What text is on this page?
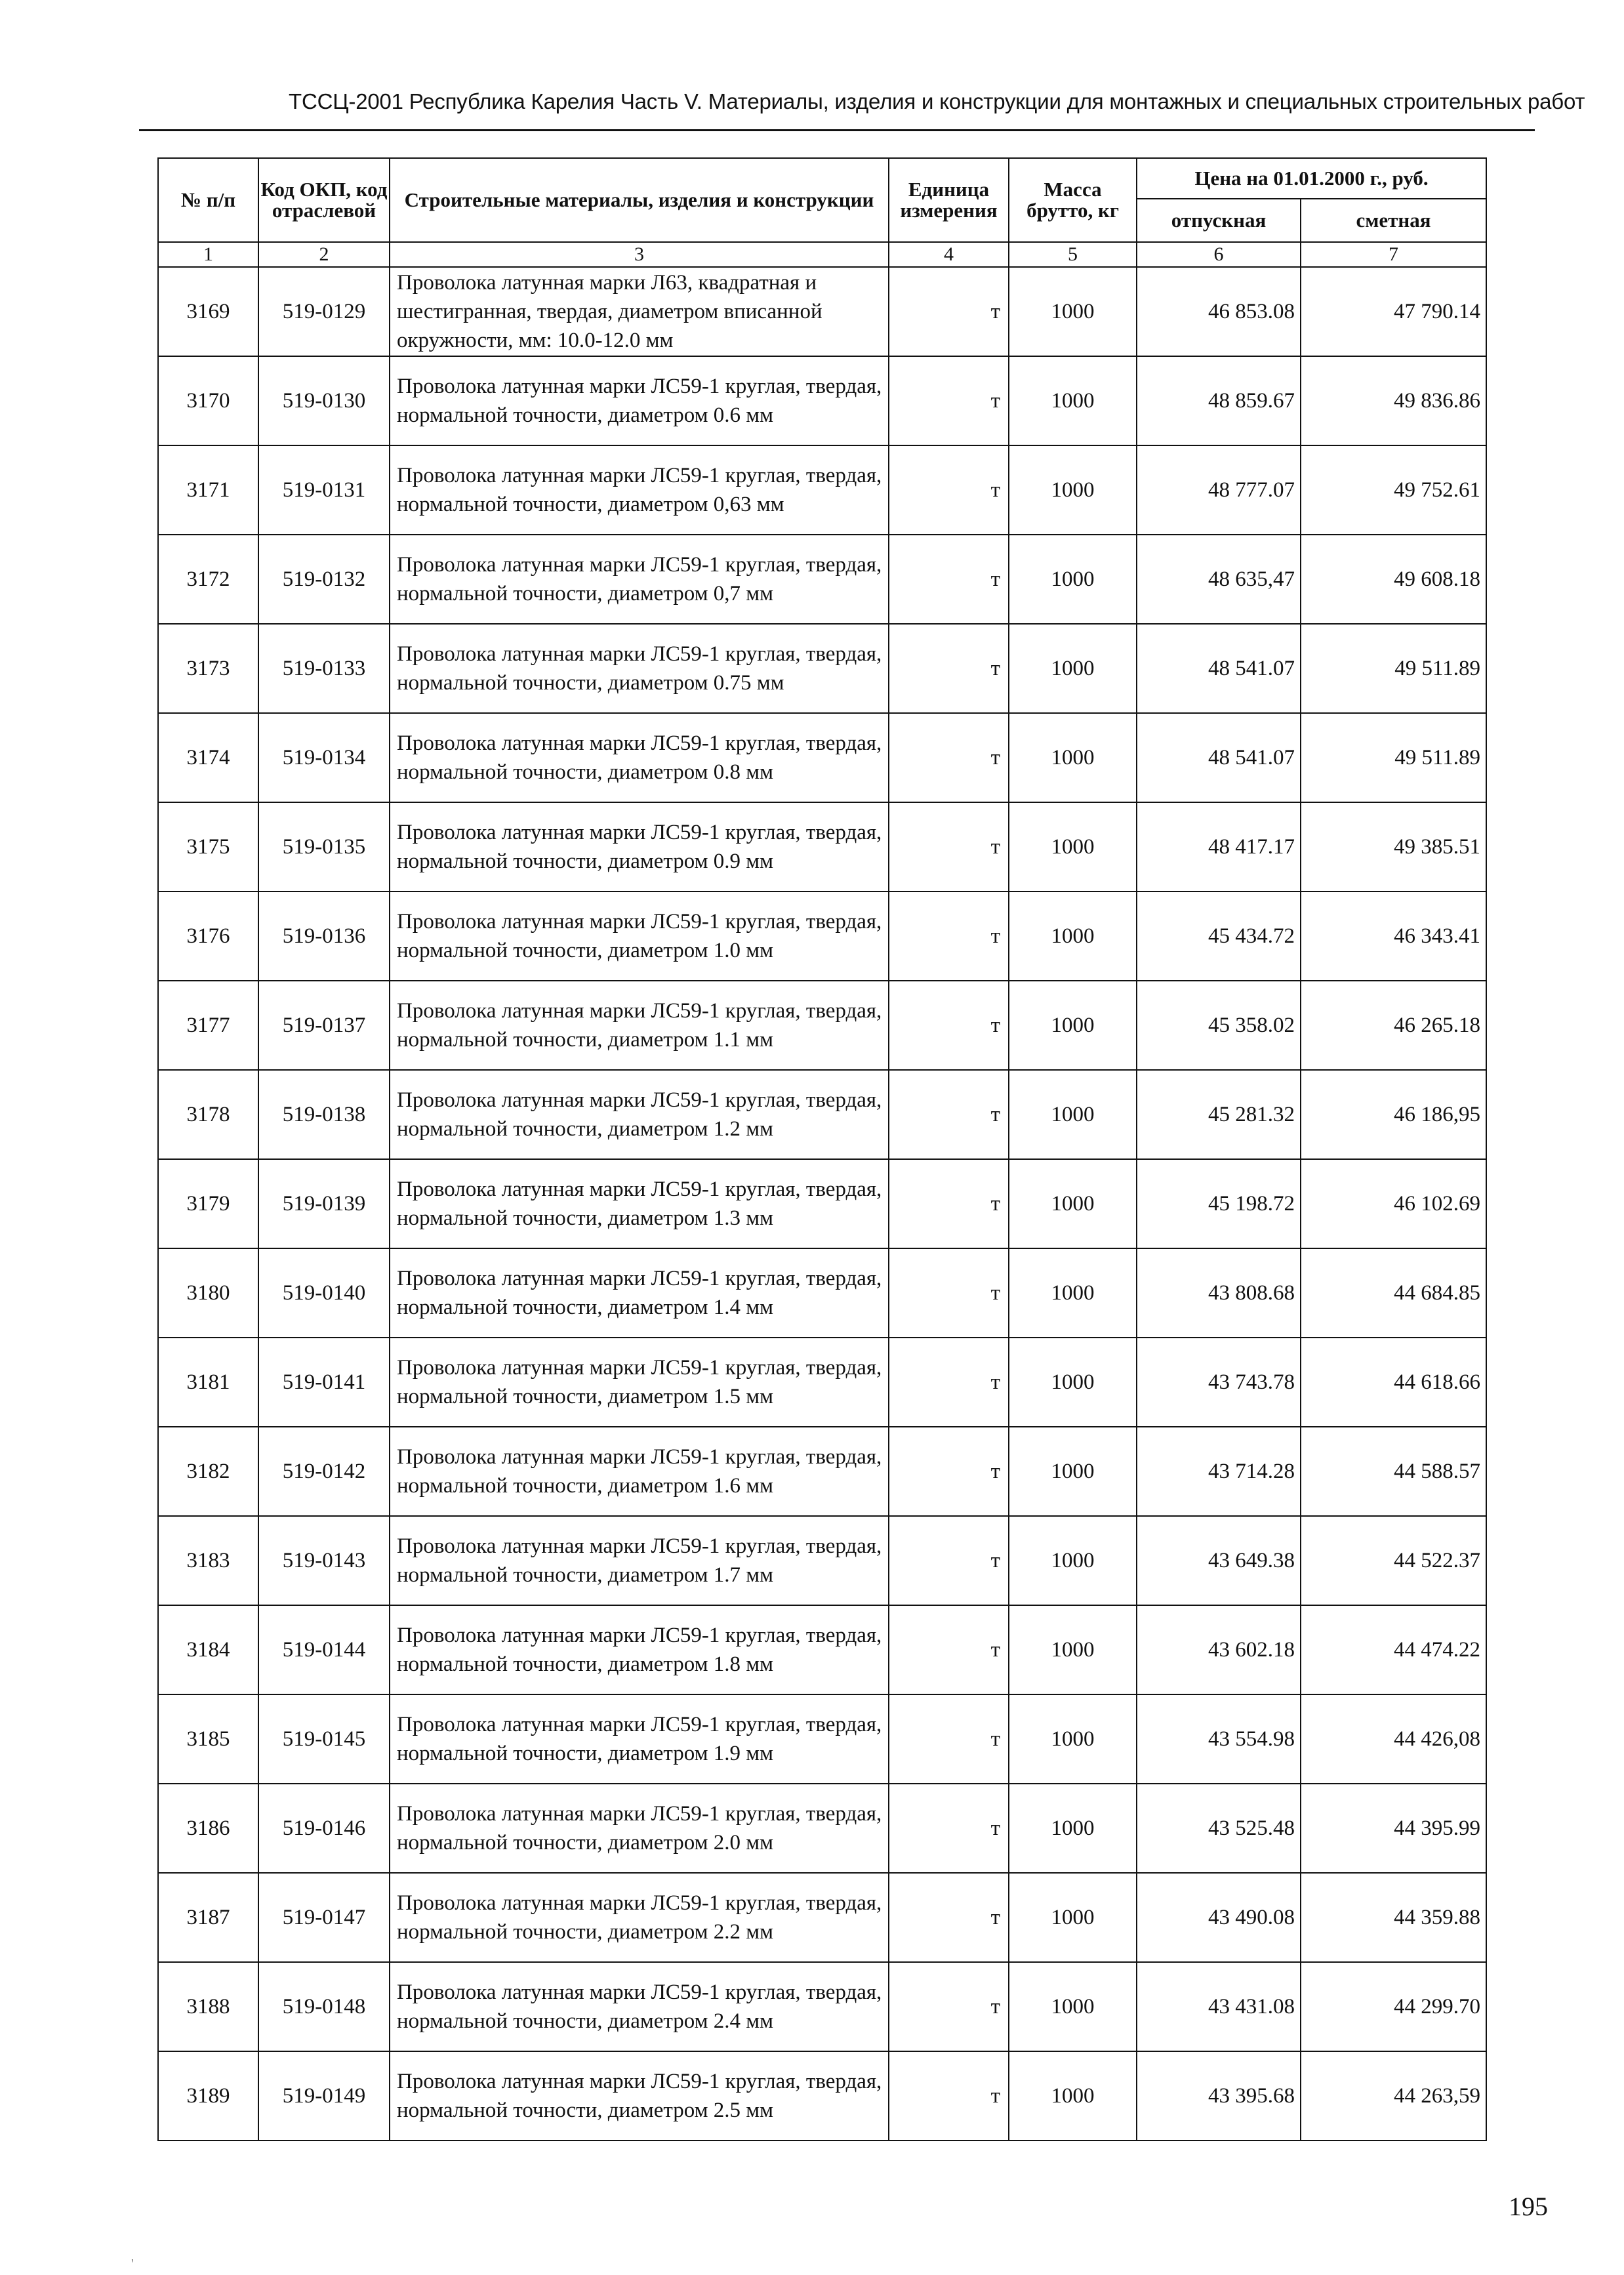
ТССЦ-2001 Республика Карелия Часть V. Материалы, изделия и конструкции для монтажных и специальных строительных работ
№ п/п	Код ОКП, код отраслевой	Строительные материалы, изделия и конструкции	Единица измерения	Масса брутто, кг	Цена на 01.01.2000 г., руб.	
					отпускная	сметная
1	2	3	4	5	6	7
3169	519-0129	Проволока латунная марки Л63, квадратная и шестигранная, твердая, диаметром вписанной окружности, мм: 10.0-12.0 мм	т	1000	46 853.08	47 790.14
3170	519-0130	Проволока латунная марки ЛС59-1 круглая, твердая, нормальной точности, диаметром 0.6 мм	т	1000	48 859.67	49 836.86
3171	519-0131	Проволока латунная марки ЛС59-1 круглая, твердая, нормальной точности, диаметром 0,63 мм	т	1000	48 777.07	49 752.61
3172	519-0132	Проволока латунная марки ЛС59-1 круглая, твердая, нормальной точности, диаметром 0,7 мм	т	1000	48 635,47	49 608.18
3173	519-0133	Проволока латунная марки ЛС59-1 круглая, твердая, нормальной точности, диаметром 0.75 мм	т	1000	48 541.07	49 511.89
3174	519-0134	Проволока латунная марки ЛС59-1 круглая, твердая, нормальной точности, диаметром 0.8 мм	т	1000	48 541.07	49 511.89
3175	519-0135	Проволока латунная марки ЛС59-1 круглая, твердая, нормальной точности, диаметром 0.9 мм	т	1000	48 417.17	49 385.51
3176	519-0136	Проволока латунная марки ЛС59-1 круглая, твердая, нормальной точности, диаметром 1.0 мм	т	1000	45 434.72	46 343.41
3177	519-0137	Проволока латунная марки ЛС59-1 круглая, твердая, нормальной точности, диаметром 1.1 мм	т	1000	45 358.02	46 265.18
3178	519-0138	Проволока латунная марки ЛС59-1 круглая, твердая, нормальной точности, диаметром 1.2 мм	т	1000	45 281.32	46 186,95
3179	519-0139	Проволока латунная марки ЛС59-1 круглая, твердая, нормальной точности, диаметром 1.3 мм	т	1000	45 198.72	46 102.69
3180	519-0140	Проволока латунная марки ЛС59-1 круглая, твердая, нормальной точности, диаметром 1.4 мм	т	1000	43 808.68	44 684.85
3181	519-0141	Проволока латунная марки ЛС59-1 круглая, твердая, нормальной точности, диаметром 1.5 мм	т	1000	43 743.78	44 618.66
3182	519-0142	Проволока латунная марки ЛС59-1 круглая, твердая, нормальной точности, диаметром 1.6 мм	т	1000	43 714.28	44 588.57
3183	519-0143	Проволока латунная марки ЛС59-1 круглая, твердая, нормальной точности, диаметром 1.7 мм	т	1000	43 649.38	44 522.37
3184	519-0144	Проволока латунная марки ЛС59-1 круглая, твердая, нормальной точности, диаметром 1.8 мм	т	1000	43 602.18	44 474.22
3185	519-0145	Проволока латунная марки ЛС59-1 круглая, твердая, нормальной точности, диаметром 1.9 мм	т	1000	43 554.98	44 426,08
3186	519-0146	Проволока латунная марки ЛС59-1 круглая, твердая, нормальной точности, диаметром 2.0 мм	т	1000	43 525.48	44 395.99
3187	519-0147	Проволока латунная марки ЛС59-1 круглая, твердая, нормальной точности, диаметром 2.2 мм	т	1000	43 490.08	44 359.88
3188	519-0148	Проволока латунная марки ЛС59-1 круглая, твердая, нормальной точности, диаметром 2.4 мм	т	1000	43 431.08	44 299.70
3189	519-0149	Проволока латунная марки ЛС59-1 круглая, твердая, нормальной точности, диаметром 2.5 мм	т	1000	43 395.68	44 263,59
195
'
